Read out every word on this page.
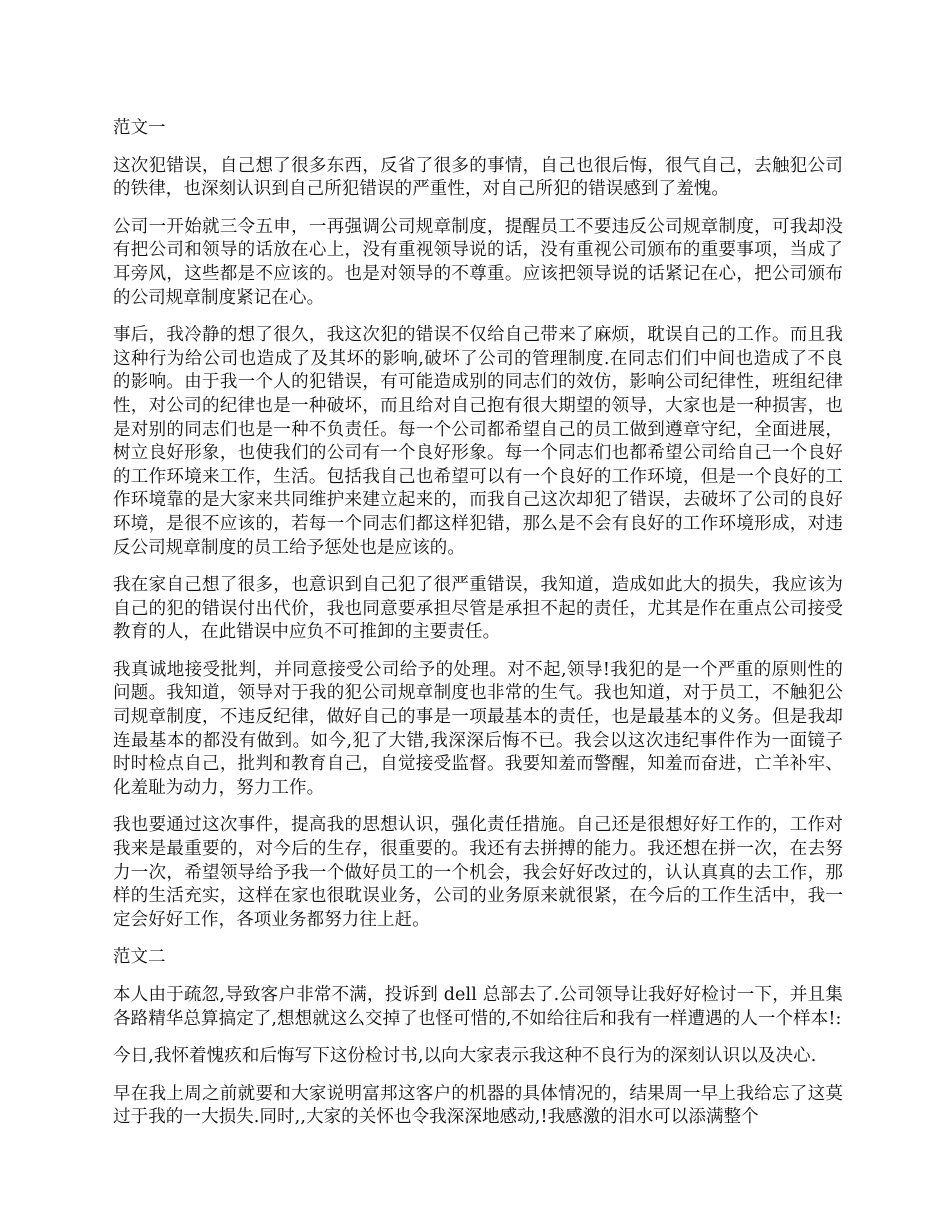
范文一

这次犯错误，自己想了很多东西，反省了很多的事情，自己也很后悔，很气自己，去触犯公司的铁律，也深刻认识到自己所犯错误的严重性，对自己所犯的错误感到了羞愧。

公司一开始就三令五申，一再强调公司规章制度，提醒员工不要违反公司规章制度，可我却没有把公司和领导的话放在心上，没有重视领导说的话，没有重视公司颁布的重要事项，当成了耳旁风，这些都是不应该的。也是对领导的不尊重。应该把领导说的话紧记在心，把公司颁布的公司规章制度紧记在心。

事后，我冷静的想了很久，我这次犯的错误不仅给自己带来了麻烦，耽误自己的工作。而且我这种行为给公司也造成了及其坏的影响,破坏了公司的管理制度.在同志们们中间也造成了不良的影响。由于我一个人的犯错误，有可能造成别的同志们的效仿，影响公司纪律性，班组纪律性，对公司的纪律也是一种破坏，而且给对自己抱有很大期望的领导，大家也是一种损害，也是对别的同志们也是一种不负责任。每一个公司都希望自己的员工做到遵章守纪，全面进展，树立良好形象，也使我们的公司有一个良好形象。每一个同志们也都希望公司给自己一个良好的工作环境来工作，生活。包括我自己也希望可以有一个良好的工作环境，但是一个良好的工作环境靠的是大家来共同维护来建立起来的，而我自己这次却犯了错误，去破坏了公司的良好环境，是很不应该的，若每一个同志们都这样犯错，那么是不会有良好的工作环境形成，对违反公司规章制度的员工给予惩处也是应该的。

我在家自己想了很多，也意识到自己犯了很严重错误，我知道，造成如此大的损失，我应该为自己的犯的错误付出代价，我也同意要承担尽管是承担不起的责任，尤其是作在重点公司接受教育的人，在此错误中应负不可推卸的主要责任。

我真诚地接受批判，并同意接受公司给予的处理。对不起,领导!我犯的是一个严重的原则性的问题。我知道，领导对于我的犯公司规章制度也非常的生气。我也知道，对于员工，不触犯公司规章制度，不违反纪律，做好自己的事是一项最基本的责任，也是最基本的义务。但是我却连最基本的都没有做到。如今,犯了大错,我深深后悔不已。我会以这次违纪事件作为一面镜子时时检点自己，批判和教育自己，自觉接受监督。我要知羞而警醒，知羞而奋进，亡羊补牢、化羞耻为动力，努力工作。

我也要通过这次事件，提高我的思想认识，强化责任措施。自己还是很想好好工作的，工作对我来是最重要的，对今后的生存，很重要的。我还有去拼搏的能力。我还想在拼一次，在去努力一次，希望领导给予我一个做好员工的一个机会，我会好好改过的，认认真真的去工作，那样的生活充实，这样在家也很耽误业务，公司的业务原来就很紧，在今后的工作生活中，我一定会好好工作，各项业务都努力往上赶。

范文二

本人由于疏忽,导致客户非常不满，投诉到 dell 总部去了.公司领导让我好好检讨一下，并且集各路精华总算搞定了,想想就这么交掉了也怪可惜的,不如给往后和我有一样遭遇的人一个样本!:

今日,我怀着愧疚和后悔写下这份检讨书,以向大家表示我这种不良行为的深刻认识以及决心.

早在我上周之前就要和大家说明富邦这客户的机器的具体情况的，结果周一早上我给忘了这莫过于我的一大损失.同时,,大家的关怀也令我深深地感动,!我感激的泪水可以添满整个
